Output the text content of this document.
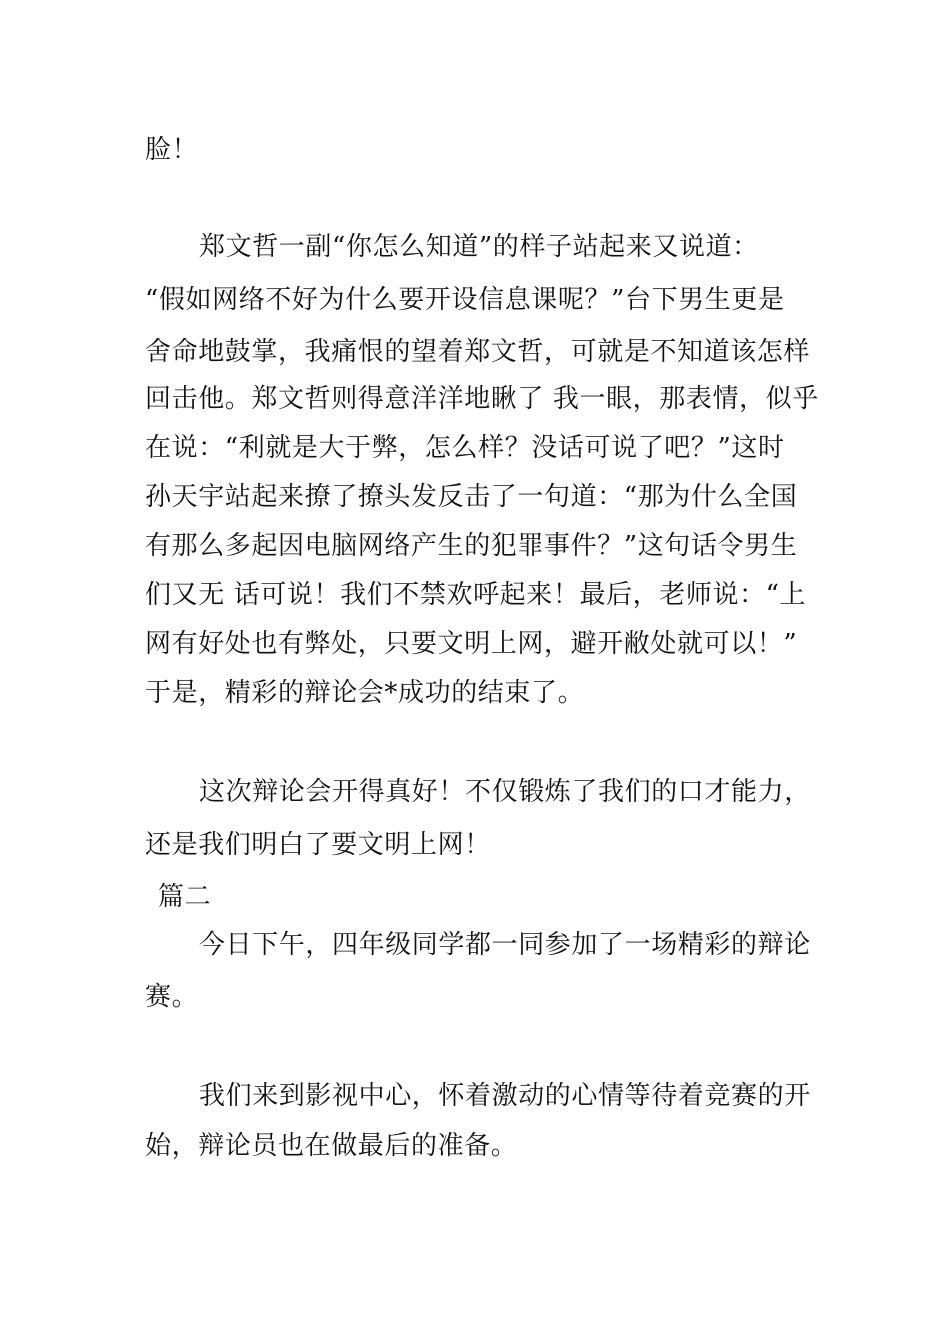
脸！
郑文哲一副“你怎么知道”的样子站起来又说道：
“假如网络不好为什么要开设信息课呢？”台下男生更是
舍命地鼓掌，我痛恨的望着郑文哲，可就是不知道该怎样
回击他。郑文哲则得意洋洋地瞅了 我一眼，那表情，似乎
在说：“利就是大于弊，怎么样？没话可说了吧？”这时
孙天宇站起来撩了撩头发反击了一句道：“那为什么全国
有那么多起因电脑网络产生的犯罪事件？”这句话令男生
们又无 话可说！我们不禁欢呼起来！最后，老师说：“上
网有好处也有弊处，只要文明上网，避开敝处就可以！”
于是，精彩的辩论会*成功的结束了。
这次辩论会开得真好！不仅锻炼了我们的口才能力，
还是我们明白了要文明上网！
篇二
今日下午，四年级同学都一同参加了一场精彩的辩论
赛。
我们来到影视中心，怀着激动的心情等待着竞赛的开
始，辩论员也在做最后的准备。
